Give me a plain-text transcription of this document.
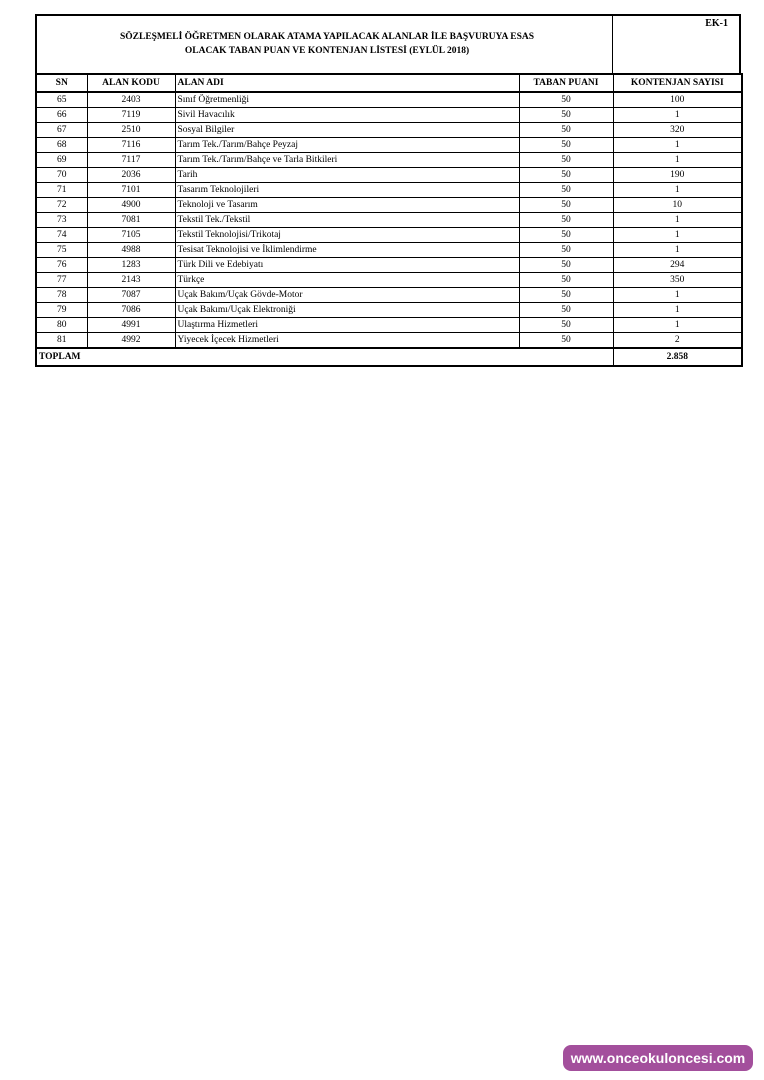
SÖZLEŞMELİ ÖĞRETMEN OLARAK ATAMA YAPILACAK ALANLAR İLE BAŞVURUYA ESAS
OLACAK TABAN PUAN VE KONTENJAN LİSTESİ (EYLÜL 2018)
EK-1
SN	ALAN KODU	ALAN ADI	TABAN PUANI	KONTENJAN SAYISI
65	2403	Sınıf Öğretmenliği	50	100
66	7119	Sivil Havacılık	50	1
67	2510	Sosyal Bilgiler	50	320
68	7116	Tarım Tek./Tarım/Bahçe Peyzaj	50	1
69	7117	Tarım Tek./Tarım/Bahçe ve Tarla Bitkileri	50	1
70	2036	Tarih	50	190
71	7101	Tasarım Teknolojileri	50	1
72	4900	Teknoloji ve Tasarım	50	10
73	7081	Tekstil Tek./Tekstil	50	1
74	7105	Tekstil Teknolojisi/Trikotaj	50	1
75	4988	Tesisat Teknolojisi ve İklimlendirme	50	1
76	1283	Türk Dili ve Edebiyatı	50	294
77	2143	Türkçe	50	350
78	7087	Uçak Bakım/Uçak Gövde-Motor	50	1
79	7086	Uçak Bakımı/Uçak Elektroniği	50	1
80	4991	Ulaştırma Hizmetleri	50	1
81	4992	Yiyecek İçecek Hizmetleri	50	2
TOPLAM				2.858
www.onceokuloncesi.com
